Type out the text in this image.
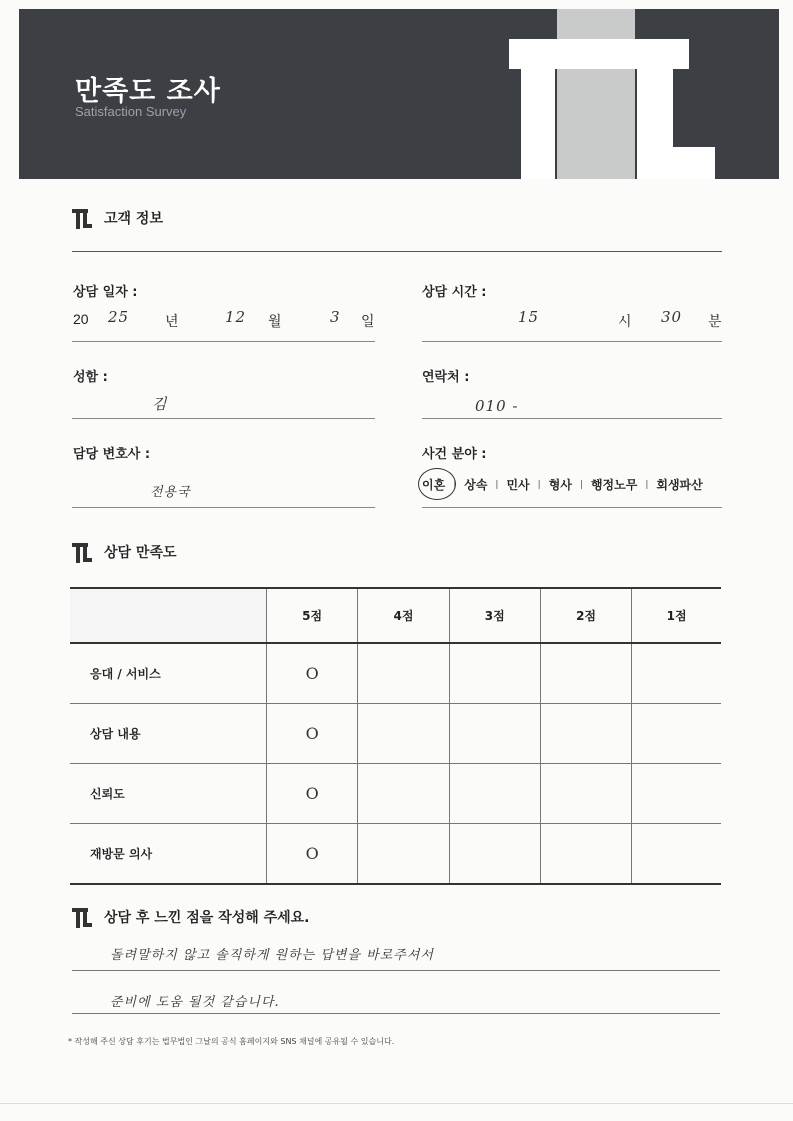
만족도 조사
Satisfaction Survey
고객 정보
상담 일자 :
20 25	년	12 월	3 일
상담 시간 :
15	시 30 분
성함 :
김
연락처 :
010 -
담당 변호사 :
전용국
사건 분야 :
이혼 | 상속 | 민사 | 형사 | 행정노무 | 회생파산
상담 만족도
	5점	4점	3점	2점	1점
응대 / 서비스	O				
상담 내용	O				
신뢰도	O				
재방문 의사	O				
상담 후 느낀 점을 작성해 주세요.
돌려말하지 않고 솔직하게 원하는 답변을 바로주셔서
준비에 도움 될것 같습니다.
* 작성해 주신 상담 후기는 법무법인 그날의 공식 홈페이지와 SNS 채널에 공유될 수 있습니다.
